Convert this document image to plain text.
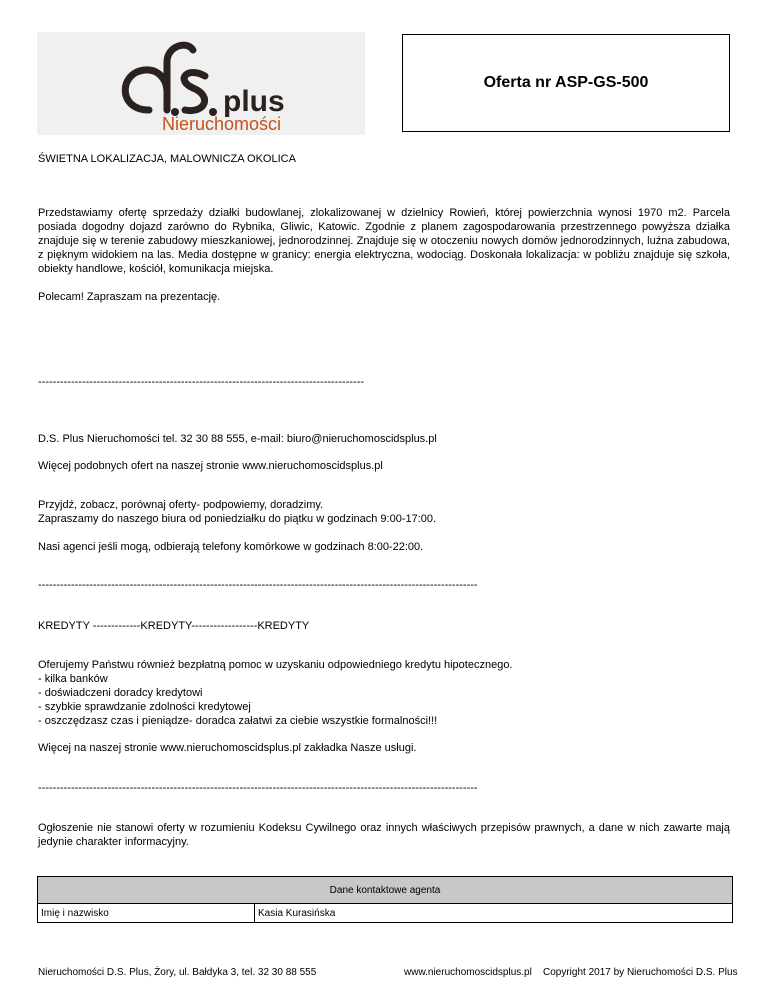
plus
Nieruchomości
Oferta nr ASP-GS-500
ŚWIETNA LOKALIZACJA, MALOWNICZA OKOLICA
Przedstawiamy ofertę sprzedaży działki budowlanej, zlokalizowanej w dzielnicy Rowień, której powierzchnia wynosi 1970 m2. Parcela posiada dogodny dojazd zarówno do Rybnika, Gliwic, Katowic. Zgodnie z planem zagospodarowania przestrzennego powyższa działka znajduje się w terenie zabudowy mieszkaniowej, jednorodzinnej. Znajduje się w otoczeniu nowych domów jednorodzinnych, luźna zabudowa, z pięknym widokiem na las. Media dostępne w granicy: energia elektryczna, wodociąg. Doskonała lokalizacja: w pobliżu znajduje się szkoła, obiekty handlowe, kościół, komunikacja miejska.
Polecam! Zapraszam na prezentację.
-----------------------------------------------------------------------------------------
D.S. Plus Nieruchomości tel. 32 30 88 555, e-mail: biuro@nieruchomoscidsplus.pl
Więcej podobnych ofert na naszej stronie www.nieruchomoscidsplus.pl
Przyjdź, zobacz, porównaj oferty- podpowiemy, doradzimy.
Zapraszamy do naszego biura od poniedziałku do piątku w godzinach 9:00-17:00.
Nasi agenci jeśli mogą, odbierają telefony komórkowe w godzinach 8:00-22:00.
------------------------------------------------------------------------------------------------------------------------
KREDYTY -------------KREDYTY------------------KREDYTY
Oferujemy Państwu również bezpłatną pomoc w uzyskaniu odpowiedniego kredytu hipotecznego.
- kilka banków
- doświadczeni doradcy kredytowi
- szybkie sprawdzanie zdolności kredytowej
- oszczędzasz czas i pieniądze- doradca załatwi za ciebie wszystkie formalności!!!
Więcej na naszej stronie www.nieruchomoscidsplus.pl zakładka Nasze usługi.
------------------------------------------------------------------------------------------------------------------------
Ogłoszenie nie stanowi oferty w rozumieniu Kodeksu Cywilnego oraz innych właściwych przepisów prawnych, a dane w nich zawarte mają jedynie charakter informacyjny.
Dane kontaktowe agenta
Imię i nazwisko	Kasia Kurasińska
Nieruchomości D.S. Plus, Żory, ul. Bałdyka 3, tel. 32 30 88 555	www.nieruchomoscidsplus.pl Copyright 2017 by Nieruchomości D.S. Plus
